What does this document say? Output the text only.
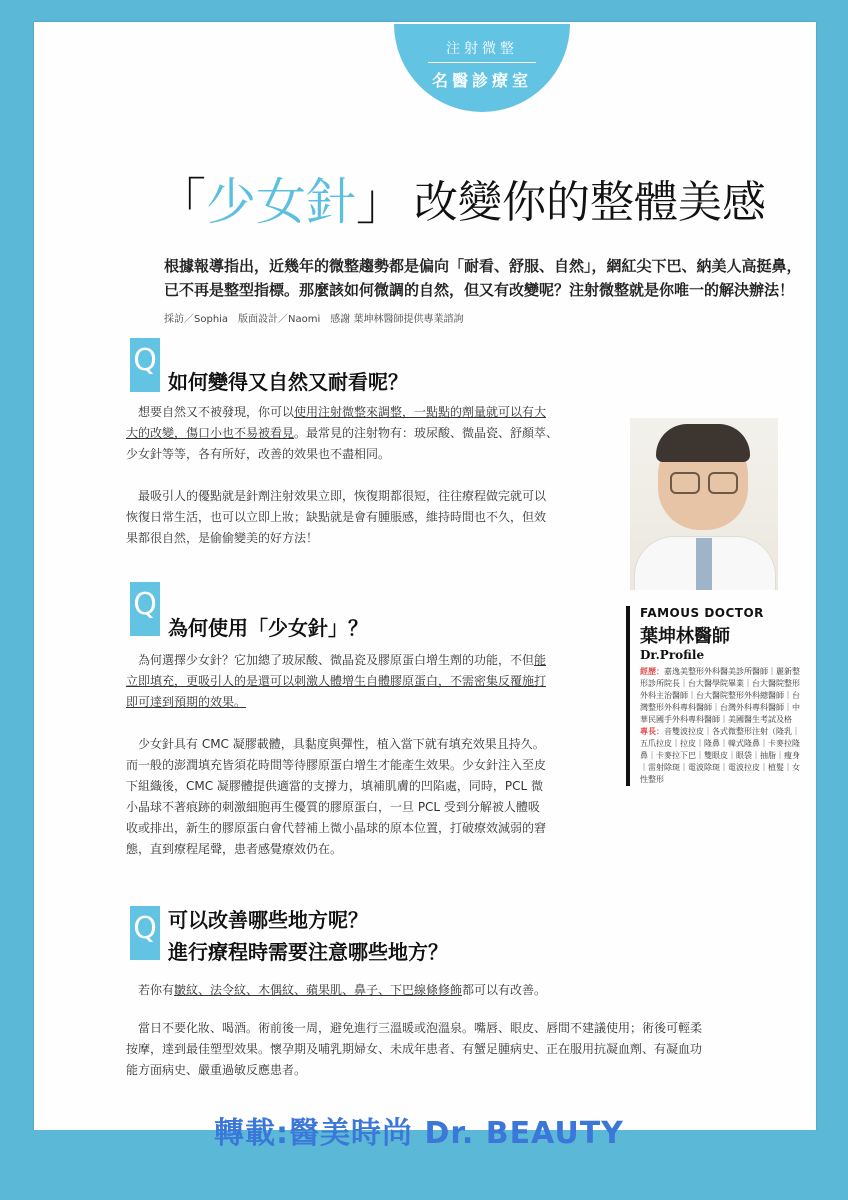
注射微整
名醫診療室
「少女針」 改變你的整體美感

根據報導指出，近幾年的微整趨勢都是偏向「耐看、舒服、自然」，網紅尖下巴、納美人高挺鼻，

已不再是整型指標。那麼該如何微調的自然，但又有改變呢？注射微整就是你唯一的解決辦法！

採訪／Sophia　版面設計／Naomi　感謝 葉坤林醫師提供專業諮詢
Q
如何變得又自然又耐看呢？

　想要自然又不被發現，你可以使用注射微整來調整，一點點的劑量就可以有大

大的改變，傷口小也不易被看見。最常見的注射物有：玻尿酸、微晶瓷、舒顏萃、

少女針等等，各有所好，改善的效果也不盡相同。

　最吸引人的優點就是針劑注射效果立即，恢復期都很短，往往療程做完就可以

恢復日常生活，也可以立即上妝；缺點就是會有腫脹感，維持時間也不久，但效

果都很自然，是偷偷變美的好方法！

Q
為何使用「少女針」？

　為何選擇少女針？它加總了玻尿酸、微晶瓷及膠原蛋白增生劑的功能，不但能

立即填充，更吸引人的是還可以刺激人體增生自體膠原蛋白，不需密集反覆施打

即可達到預期的效果。

　少女針具有 CMC 凝膠載體，具黏度與彈性，植入當下就有填充效果且持久。

而一般的澎潤填充皆須花時間等待膠原蛋白增生才能產生效果。少女針注入至皮

下組織後，CMC 凝膠體提供適當的支撐力，填補肌膚的凹陷處，同時，PCL 微

小晶球不著痕跡的刺激細胞再生優質的膠原蛋白，一旦 PCL 受到分解被人體吸

收或排出，新生的膠原蛋白會代替補上微小晶球的原本位置，打破療效減弱的窘

態，直到療程尾聲，患者感覺療效仍在。

Q 可以改善哪些地方呢？
進行療程時需要注意哪些地方？

　若你有皺紋、法令紋、木偶紋、蘋果肌、鼻子、下巴線條修飾都可以有改善。

　當日不要化妝、喝酒。術前後一周，避免進行三溫暖或泡溫泉。嘴唇、眼皮、唇間不建議使用；術後可輕柔

按摩，達到最佳塑型效果。懷孕期及哺乳期婦女、未成年患者、有蟹足腫病史、正在服用抗凝血劑、有凝血功

能方面病史、嚴重過敏反應患者。

FAMOUS DOCTOR

葉坤林醫師

Dr.Profile

經歷：嘉逸美整形外科醫美診所醫師｜麗新整形診所院長｜台大醫學院畢業｜台大醫院整形外科主治醫師｜台大醫院整形外科總醫師｜台灣整形外科專科醫師｜台灣外科專科醫師｜中華民國手外科專科醫師｜美國醫生考試及格

專長：音雙波拉皮｜各式微整形注射（隆乳｜五爪拉皮｜拉皮｜隆鼻｜韓式隆鼻｜卡麥拉隆鼻｜卡麥拉下巴｜雙眼皮｜眼袋｜抽脂｜瘦身｜雷射除斑｜電波除斑｜電波拉皮｜植髮｜女性整形

轉載:醫美時尚 Dr. BEAUTY
